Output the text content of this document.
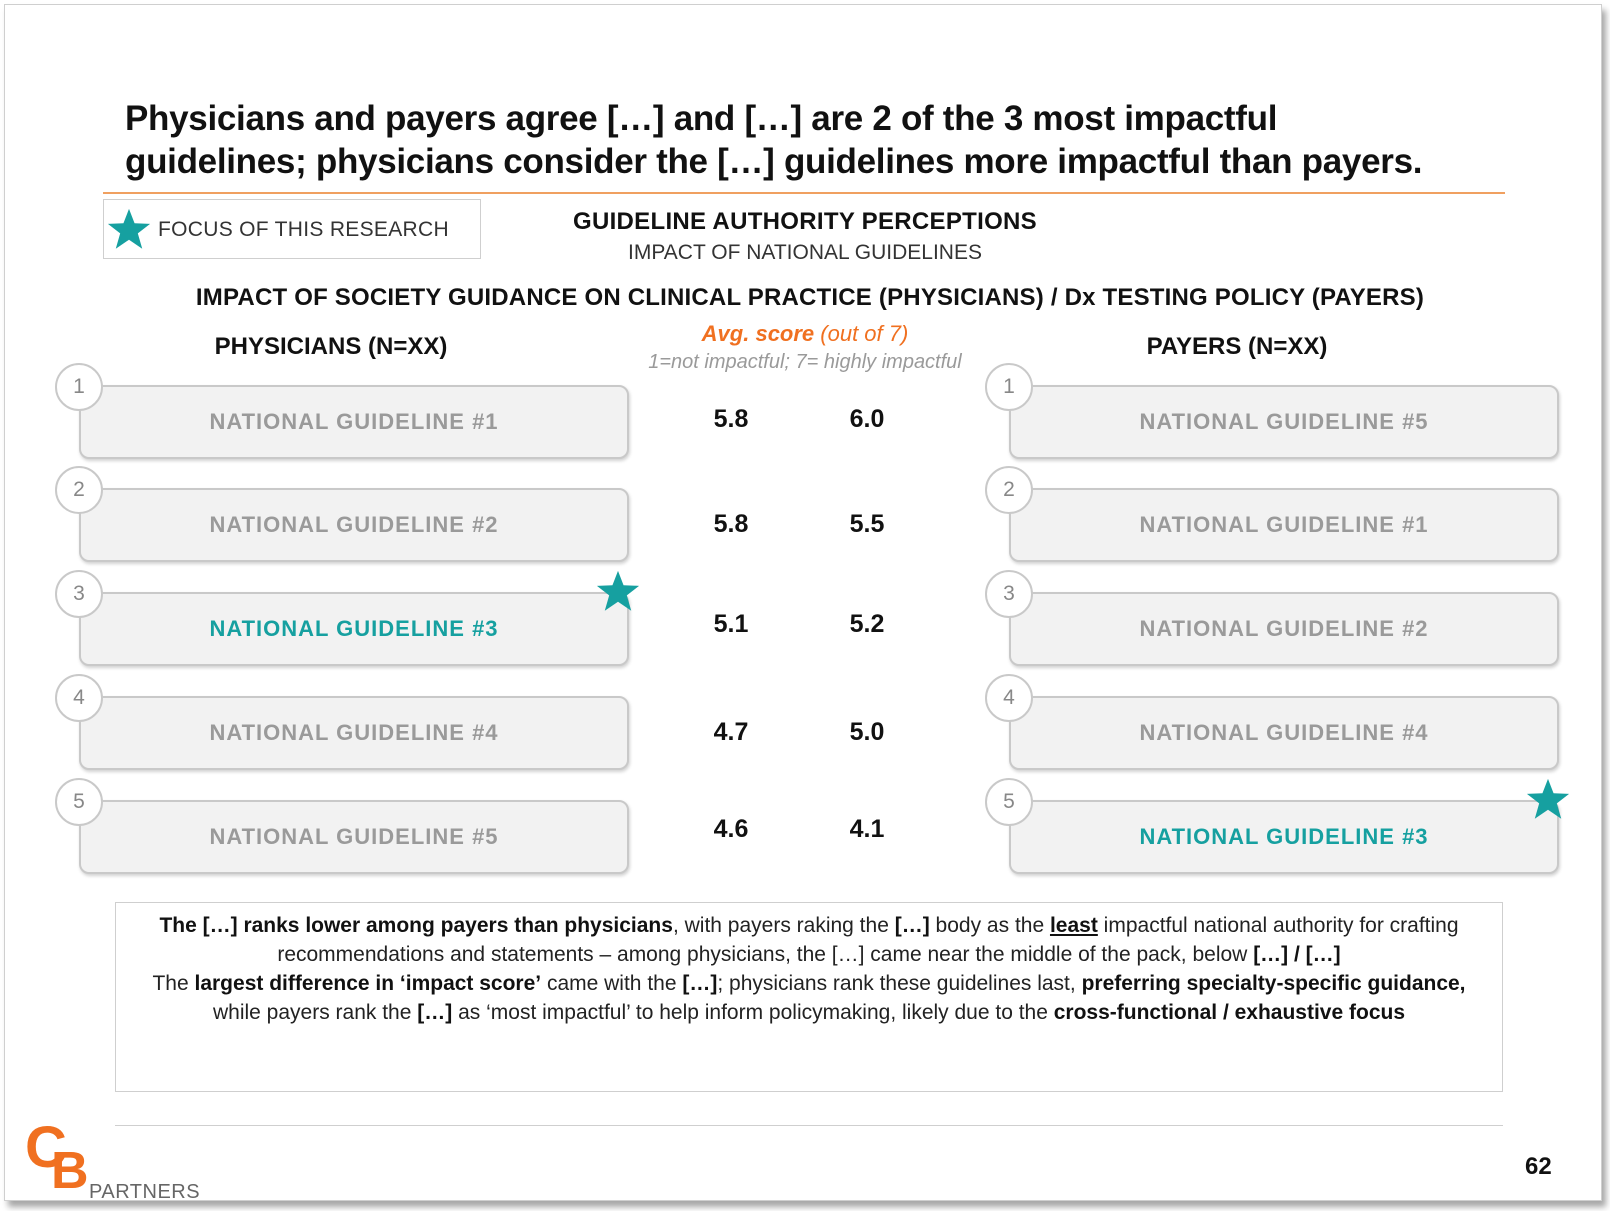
Physicians and payers agree […] and […] are 2 of the 3 most impactful
guidelines; physicians consider the […] guidelines more impactful than payers.
FOCUS OF THIS RESEARCH	GUIDELINE AUTHORITY PERCEPTIONS
IMPACT OF NATIONAL GUIDELINES
IMPACT OF SOCIETY GUIDANCE ON CLINICAL PRACTICE (PHYSICIANS) / Dx TESTING POLICY (PAYERS)
PHYSICIANS (N=XX)	PAYERS (N=XX)
Avg. score (out of 7)
1=not impactful; 7= highly impactful
NATIONAL GUIDELINE #1
1
5.8
NATIONAL GUIDELINE #2
2
5.8
NATIONAL GUIDELINE #3
3
5.1
NATIONAL GUIDELINE #4
4
4.7
NATIONAL GUIDELINE #5
5
4.6
NATIONAL GUIDELINE #5
1
6.0
NATIONAL GUIDELINE #1
2
5.5
NATIONAL GUIDELINE #2
3
5.2
NATIONAL GUIDELINE #4
4
5.0
NATIONAL GUIDELINE #3
5
4.1
The […] ranks lower among payers than physicians, with payers raking the […] body as the least impactful national authority for crafting recommendations and statements – among physicians, the […] came near the middle of the pack, below […] / […]
The largest difference in ‘impact score’ came with the […]; physicians rank these guidelines last, preferring specialty-specific guidance, while payers rank the […] as ‘most impactful’ to help inform policymaking, likely due to the cross-functional / exhaustive focus
C
B PARTNERS
62
